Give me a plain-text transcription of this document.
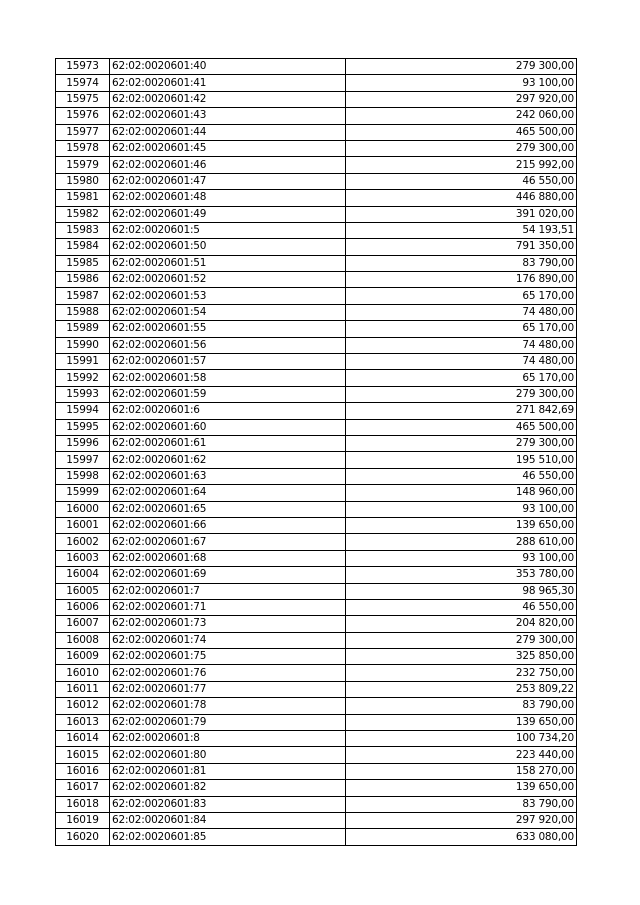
15973	62:02:0020601:40	279 300,00
15974	62:02:0020601:41	93 100,00
15975	62:02:0020601:42	297 920,00
15976	62:02:0020601:43	242 060,00
15977	62:02:0020601:44	465 500,00
15978	62:02:0020601:45	279 300,00
15979	62:02:0020601:46	215 992,00
15980	62:02:0020601:47	46 550,00
15981	62:02:0020601:48	446 880,00
15982	62:02:0020601:49	391 020,00
15983	62:02:0020601:5	54 193,51
15984	62:02:0020601:50	791 350,00
15985	62:02:0020601:51	83 790,00
15986	62:02:0020601:52	176 890,00
15987	62:02:0020601:53	65 170,00
15988	62:02:0020601:54	74 480,00
15989	62:02:0020601:55	65 170,00
15990	62:02:0020601:56	74 480,00
15991	62:02:0020601:57	74 480,00
15992	62:02:0020601:58	65 170,00
15993	62:02:0020601:59	279 300,00
15994	62:02:0020601:6	271 842,69
15995	62:02:0020601:60	465 500,00
15996	62:02:0020601:61	279 300,00
15997	62:02:0020601:62	195 510,00
15998	62:02:0020601:63	46 550,00
15999	62:02:0020601:64	148 960,00
16000	62:02:0020601:65	93 100,00
16001	62:02:0020601:66	139 650,00
16002	62:02:0020601:67	288 610,00
16003	62:02:0020601:68	93 100,00
16004	62:02:0020601:69	353 780,00
16005	62:02:0020601:7	98 965,30
16006	62:02:0020601:71	46 550,00
16007	62:02:0020601:73	204 820,00
16008	62:02:0020601:74	279 300,00
16009	62:02:0020601:75	325 850,00
16010	62:02:0020601:76	232 750,00
16011	62:02:0020601:77	253 809,22
16012	62:02:0020601:78	83 790,00
16013	62:02:0020601:79	139 650,00
16014	62:02:0020601:8	100 734,20
16015	62:02:0020601:80	223 440,00
16016	62:02:0020601:81	158 270,00
16017	62:02:0020601:82	139 650,00
16018	62:02:0020601:83	83 790,00
16019	62:02:0020601:84	297 920,00
16020	62:02:0020601:85	633 080,00
